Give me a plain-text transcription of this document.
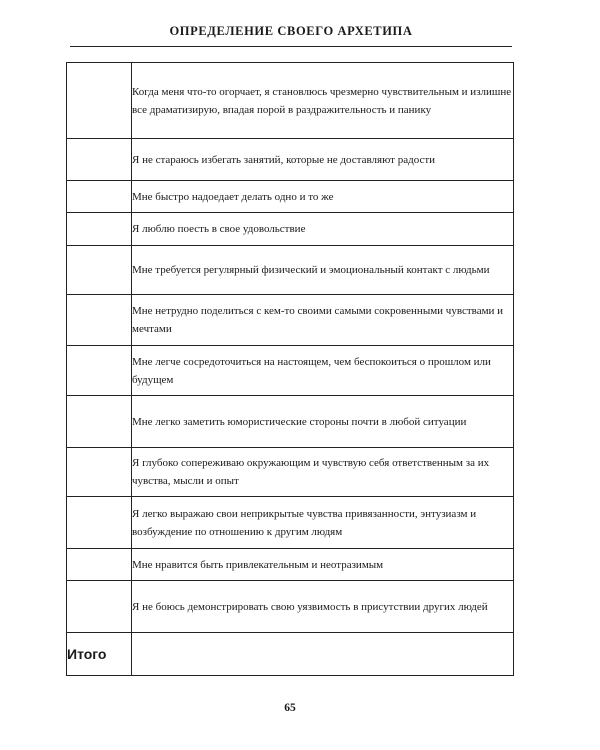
ОПРЕДЕЛЕНИЕ СВОЕГО АРХЕТИПА
	Когда меня что-то огорчает, я становлюсь чрезмерно чувствительным и излишне все драматизирую, впадая порой в раздражительность и панику
	Я не стараюсь избегать занятий, которые не доставляют радости
	Мне быстро надоедает делать одно и то же
	Я люблю поесть в свое удовольствие
	Мне требуется регулярный физический и эмоциональный контакт с людьми
	Мне нетрудно поделиться с кем-то своими самыми сокровенными чувствами и мечтами
	Мне легче сосредоточиться на настоящем, чем беспокоиться о прошлом или будущем
	Мне легко заметить юмористические стороны почти в любой ситуации
	Я глубоко сопереживаю окружающим и чувствую себя ответственным за их чувства, мысли и опыт
	Я легко выражаю свои неприкрытые чувства привязанности, энтузиазм и возбуждение по отношению к другим людям
	Мне нравится быть привлекательным и неотразимым
	Я не боюсь демонстрировать свою уязвимость в присутствии других людей
Итого	
65
